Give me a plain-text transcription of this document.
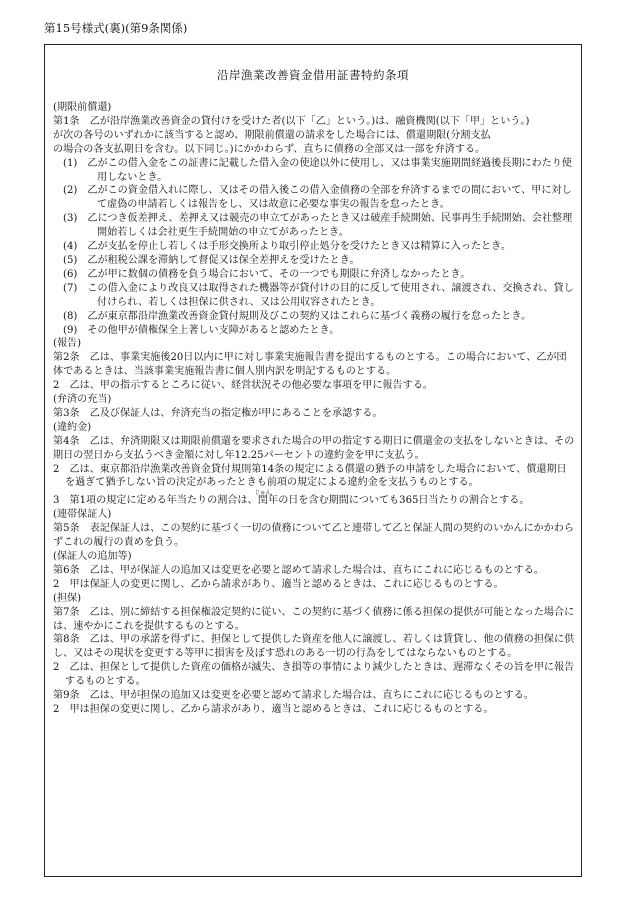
第15号様式(裏)(第9条関係)
沿岸漁業改善資金借用証書特約条項
(期限前償還)
第1条　乙が沿岸漁業改善資金の貸付けを受けた者(以下「乙」という。)は、融資機関(以下「甲」という。)
が次の各号のいずれかに該当すると認め、期限前償還の請求をした場合には、償還期限(分割支払
の場合の各支払期日を含む。以下同じ。)にかかわらず、直ちに債務の全部又は一部を弁済する。
(1)　乙がこの借入金をこの証書に記載した借入金の使途以外に使用し、又は事業実施期間経過後長期にわたり使用しないとき。
(2)　乙がこの資金借入れに際し、又はその借入後この借入金債務の全部を弁済するまでの間において、甲に対して虚偽の申請若しくは報告をし、又は故意に必要な事実の報告を怠ったとき。
(3)　乙につき仮差押え、差押え又は競売の申立てがあったとき又は破産手続開始、民事再生手続開始、会社整理開始若しくは会社更生手続開始の申立てがあったとき。
(4)　乙が支払を停止し若しくは手形交換所より取引停止処分を受けたとき又は精算に入ったとき。
(5)　乙が租税公課を滞納して督促又は保全差押えを受けたとき。
(6)　乙が甲に数個の債務を負う場合において、その一つでも期限に弁済しなかったとき。
(7)　この借入金により改良又は取得された機器等が貸付けの目的に反して使用され、譲渡され、交換され、貸し付けられ、若しくは担保に供され、又は公用収容されたとき。
(8)　乙が東京都沿岸漁業改善資金貸付規則及びこの契約又はこれらに基づく義務の履行を怠ったとき。
(9)　その他甲が債権保全上著しい支障があると認めたとき。
(報告)
第2条　乙は、事業実施後20日以内に甲に対し事業実施報告書を提出するものとする。この場合において、乙が団体であるときは、当該事業実施報告書に個人別内訳を明記するものとする。
2　乙は、甲の指示するところに従い、経営状況その他必要な事項を甲に報告する。
(弁済の充当)
第3条　乙及び保証人は、弁済充当の指定権が甲にあることを承認する。
(違約金)
第4条　乙は、弁済期限又は期限前償還を要求された場合の甲の指定する期日に償還金の支払をしないときは、その期日の翌日から支払うべき金額に対し年12.25パーセントの違約金を甲に支払う。
2　乙は、東京都沿岸漁業改善資金貸付規則第14条の規定による償還の猶予の申請をした場合において、償還期日を過ぎて猶予しない旨の決定があったときも前項の規定による違約金を支払うものとする。
3　第1項の規定に定める年当たりの割合は、閏じゅん年の日を含む期間についても365日当たりの割合とする。
(連帯保証人)
第5条　表記保証人は、この契約に基づく一切の債務について乙と連帯して乙と保証人間の契約のいかんにかかわらずこれの履行の責めを負う。
(保証人の追加等)
第6条　乙は、甲が保証人の追加又は変更を必要と認めて請求した場合は、直ちにこれに応じるものとする。
2　甲は保証人の変更に関し、乙から請求があり、適当と認めるときは、これに応じるものとする。
(担保)
第7条　乙は、別に締結する担保権設定契約に従い、この契約に基づく債務に係る担保の提供が可能となった場合には、速やかにこれを提供するものとする。
第8条　乙は、甲の承諾を得ずに、担保として提供した資産を他人に譲渡し、若しくは賃貸し、他の債務の担保に供し、又はその現状を変更する等甲に損害を及ぼす恐れのある一切の行為をしてはならないものとする。
2　乙は、担保として提供した資産の価格が滅失、き損等の事情により減少したときは、遅滞なくその旨を甲に報告するものとする。
第9条　乙は、甲が担保の追加又は変更を必要と認めて請求した場合は、直ちにこれに応じるものとする。
2　甲は担保の変更に関し、乙から請求があり、適当と認めるときは、これに応じるものとする。
